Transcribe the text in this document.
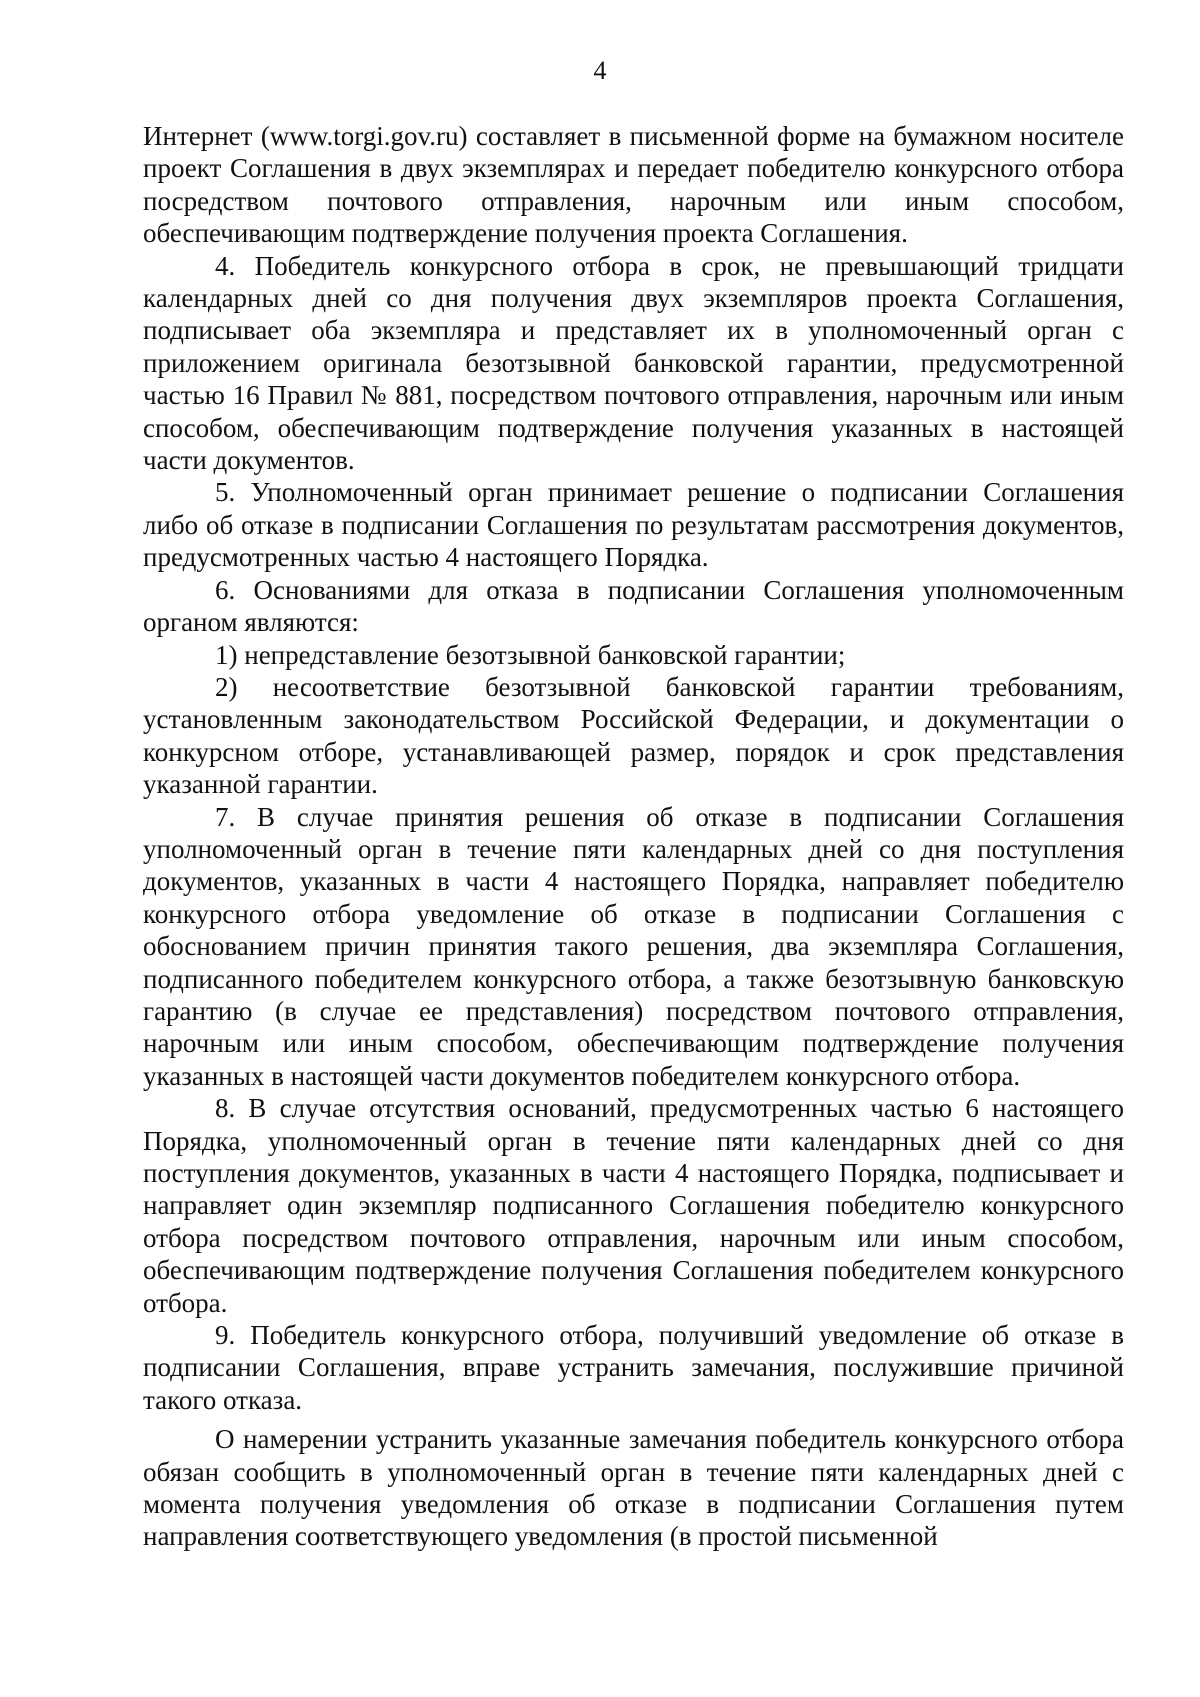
4

Интернет (www.torgi.gov.ru) составляет в письменной форме на бумажном носителе проект Соглашения в двух экземплярах и передает победителю конкурсного отбора посредством почтового отправления, нарочным или иным способом, обеспечивающим подтверждение получения проекта Соглашения.

4. Победитель конкурсного отбора в срок, не превышающий тридцати календарных дней со дня получения двух экземпляров проекта Соглашения, подписывает оба экземпляра и представляет их в уполномоченный орган с приложением оригинала безотзывной банковской гарантии, предусмотренной частью 16 Правил № 881, посредством почтового отправления, нарочным или иным способом, обеспечивающим подтверждение получения указанных в настоящей части документов.

5. Уполномоченный орган принимает решение о подписании Соглашения либо об отказе в подписании Соглашения по результатам рассмотрения документов, предусмотренных частью 4 настоящего Порядка.

6. Основаниями для отказа в подписании Соглашения уполномоченным органом являются:

1) непредставление безотзывной банковской гарантии;

2) несоответствие безотзывной банковской гарантии требованиям, установленным законодательством Российской Федерации, и документации о конкурсном отборе, устанавливающей размер, порядок и срок представления указанной гарантии.

7. В случае принятия решения об отказе в подписании Соглашения уполномоченный орган в течение пяти календарных дней со дня поступления документов, указанных в части 4 настоящего Порядка, направляет победителю конкурсного отбора уведомление об отказе в подписании Соглашения с обоснованием причин принятия такого решения, два экземпляра Соглашения, подписанного победителем конкурсного отбора, а также безотзывную банковскую гарантию (в случае ее представления) посредством почтового отправления, нарочным или иным способом, обеспечивающим подтверждение получения указанных в настоящей части документов победителем конкурсного отбора.

8. В случае отсутствия оснований, предусмотренных частью 6 настоящего Порядка, уполномоченный орган в течение пяти календарных дней со дня поступления документов, указанных в части 4 настоящего Порядка, подписывает и направляет один экземпляр подписанного Соглашения победителю конкурсного отбора посредством почтового отправления, нарочным или иным способом, обеспечивающим подтверждение получения Соглашения победителем конкурсного отбора.

9. Победитель конкурсного отбора, получивший уведомление об отказе в подписании Соглашения, вправе устранить замечания, послужившие причиной такого отказа.

О намерении устранить указанные замечания победитель конкурсного отбора обязан сообщить в уполномоченный орган в течение пяти календарных дней с момента получения уведомления об отказе в подписании Соглашения путем направления соответствующего уведомления (в простой письменной
